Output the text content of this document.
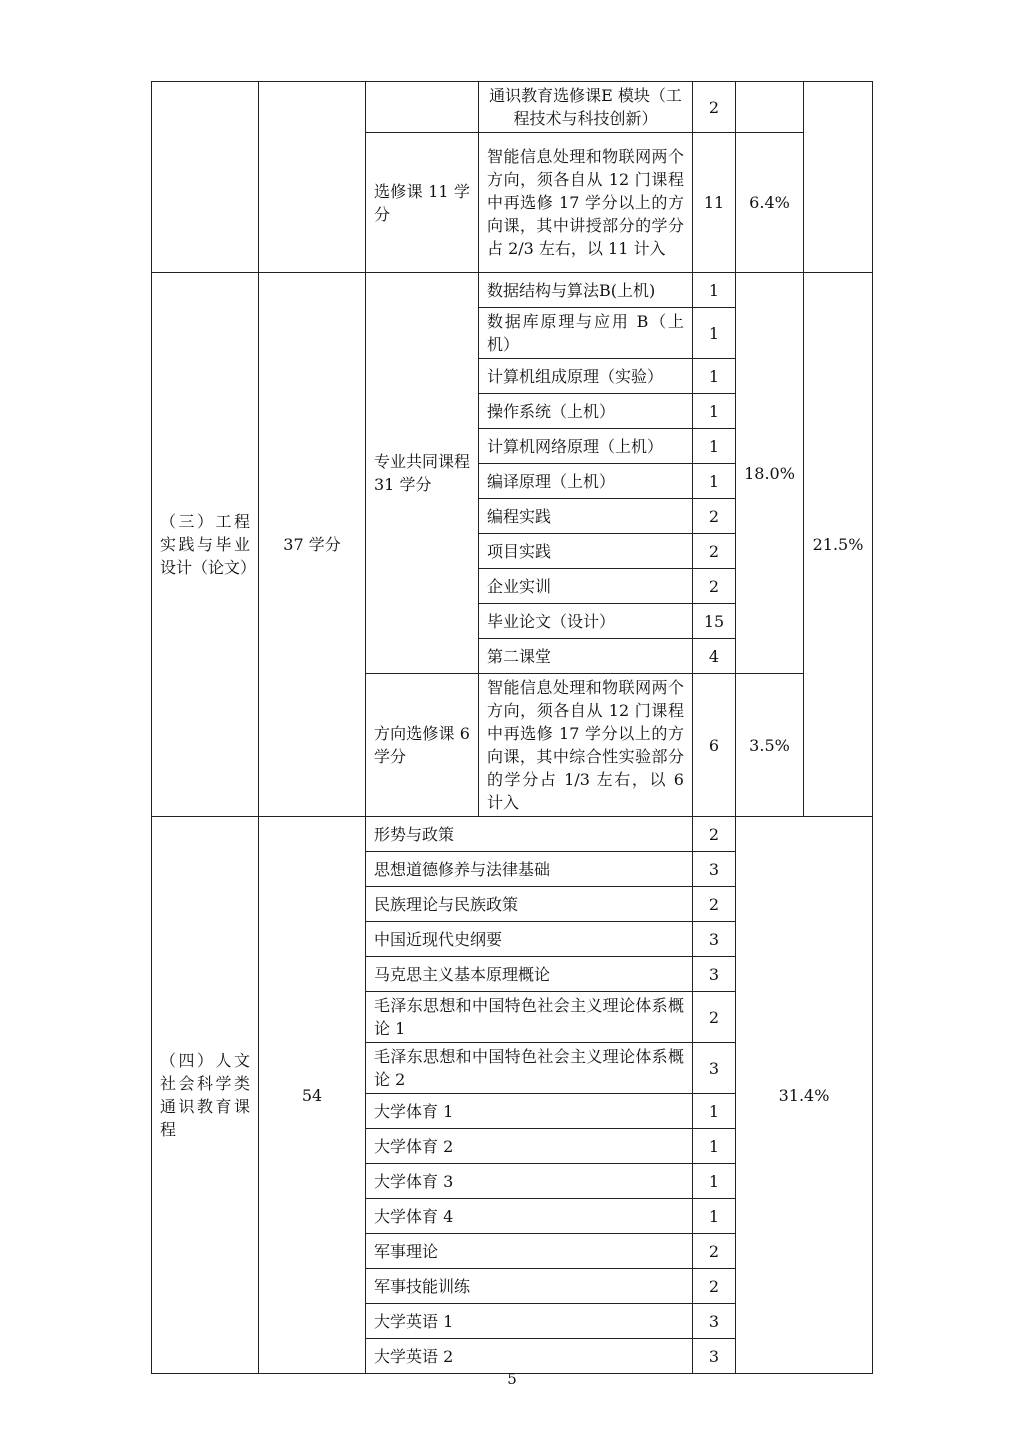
			通识教育选修课E 模块（工程技术与科技创新）	2		
		选修课 11 学分	智能信息处理和物联网两个方向，须各自从 12 门课程中再选修 17 学分以上的方向课，其中讲授部分的学分占 2/3 左右，以 11 计入	11	6.4%	
（三）工程实践与毕业设计（论文）	37 学分	专业共同课程 31 学分	数据结构与算法B(上机)	1	18.0%	21.5%
			数据库原理与应用 B（上机）	1		
			计算机组成原理（实验）	1		
			操作系统（上机）	1		
			计算机网络原理（上机）	1		
			编译原理（上机）	1		
			编程实践	2		
			项目实践	2		
			企业实训	2		
			毕业论文（设计）	15		
			第二课堂	4		
		方向选修课 6 学分	智能信息处理和物联网两个方向，须各自从 12 门课程中再选修 17 学分以上的方向课，其中综合性实验部分的学分占 1/3 左右，以 6 计入	6	3.5%	
（四）人文社会科学类通识教育课程	54	形势与政策		2	31.4%	
		思想道德修养与法律基础		3		
		民族理论与民族政策		2		
		中国近现代史纲要		3		
		马克思主义基本原理概论		3		
		毛泽东思想和中国特色社会主义理论体系概论 1		2		
		毛泽东思想和中国特色社会主义理论体系概论 2		3		
		大学体育 1		1		
		大学体育 2		1		
		大学体育 3		1		
		大学体育 4		1		
		军事理论		2		
		军事技能训练		2		
		大学英语 1		3		
		大学英语 2		3		
5
